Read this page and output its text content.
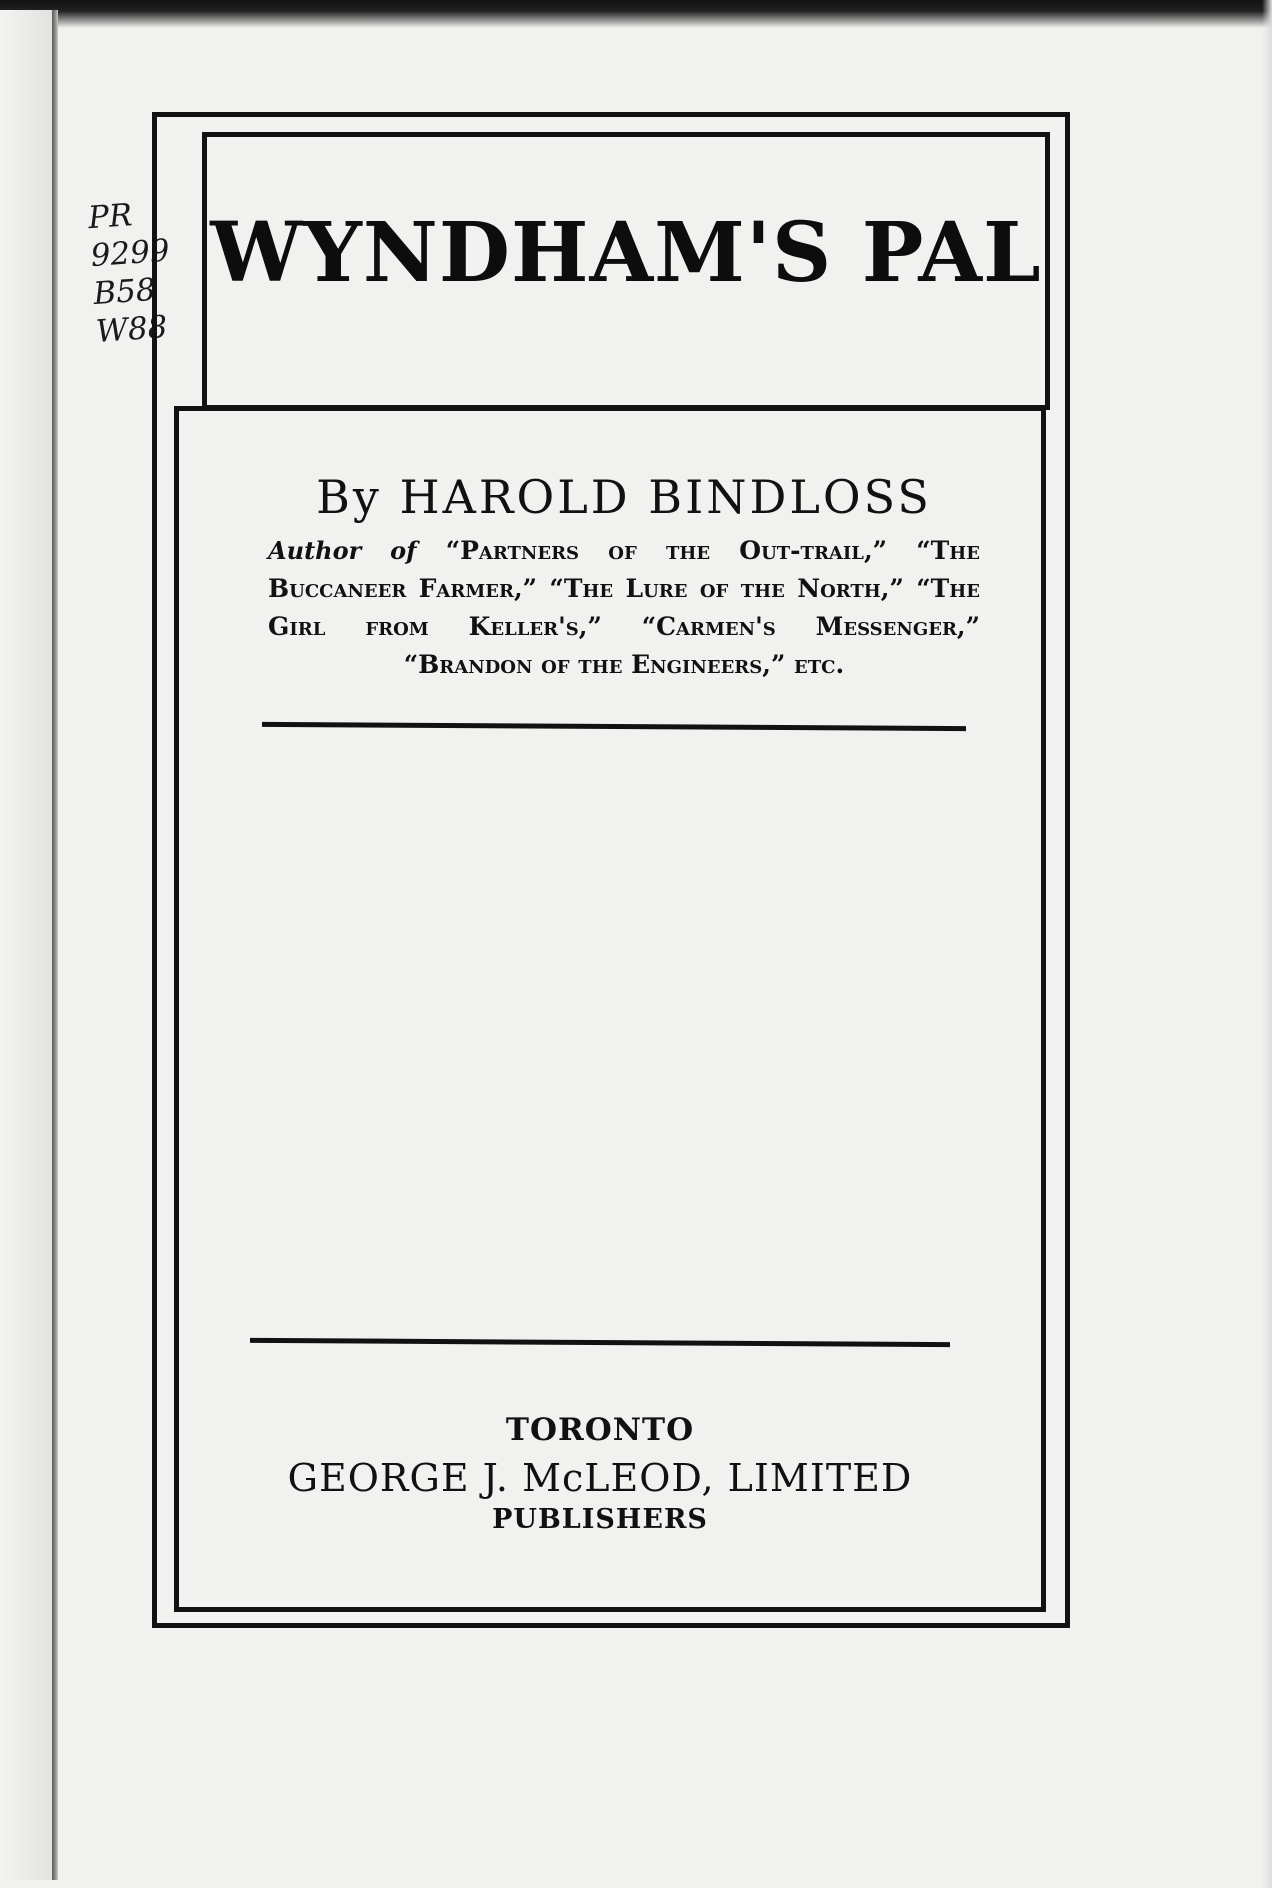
PR
9299
B58
W88
WYNDHAM'S PAL

By HAROLD BINDLOSS

Author of “Partners of the Out-trail,” “The Buccaneer Farmer,” “The Lure of the North,” “The Girl from Keller's,” “Carmen's Messenger,” “Brandon of the Engineers,” etc.

TORONTO

GEORGE J. McLEOD, LIMITED

PUBLISHERS
